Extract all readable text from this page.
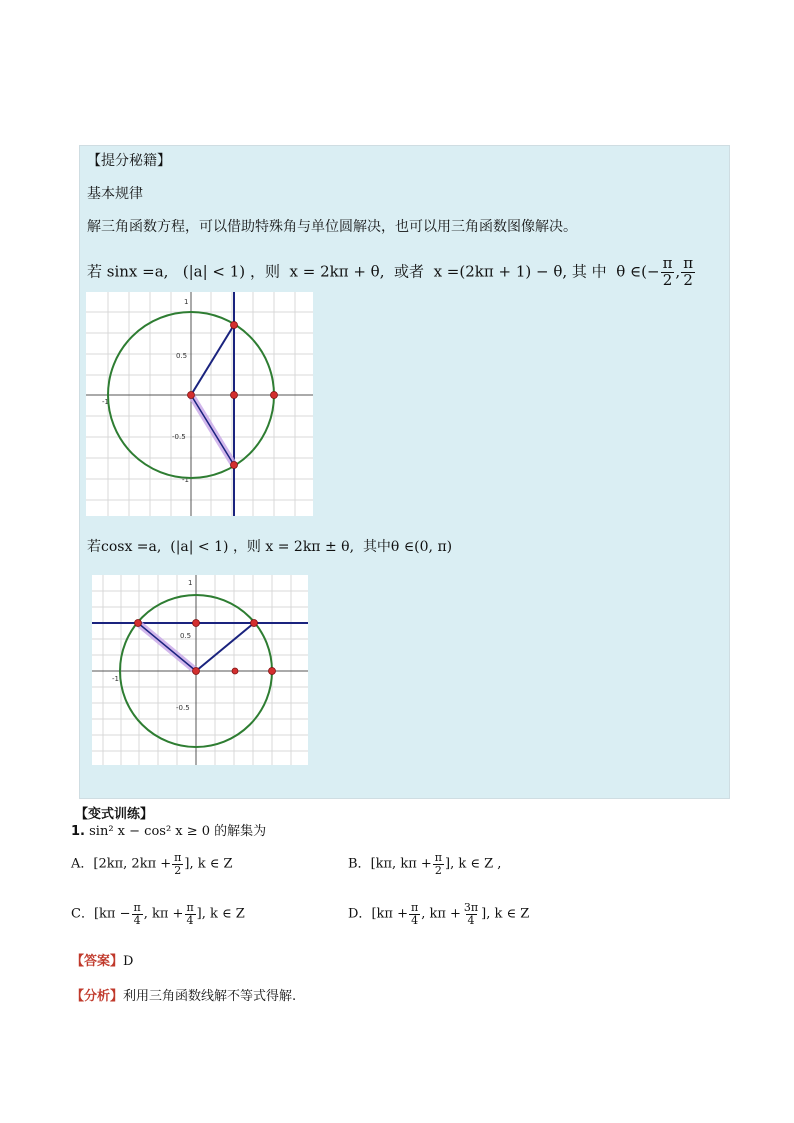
【提分秘籍】
基本规律
解三角函数方程，可以借助特殊角与单位圆解决，也可以用三角函数图像解决。
若 sinx =a, (|a| < 1) ，则 x = 2kπ + θ, 或者 x =(2kπ + 1) − θ, 其 中 θ ∈(− $\frac{\pi}{2}$ , $\frac{\pi}{2}$
0.5
-0.5
1
-1
-1
若cosx =a, (|a| < 1) ，则 x = 2kπ ± θ, 其中θ ∈(0, π)
0.5
-0.5
1
-1
【变式训练】
1. sin² x − cos² x ≥ 0 的解集为
A．[2kπ, $2k\pi + \frac{\pi}{2}$ ], k ∈ Z	B．[kπ, $k\pi + \frac{\pi}{2}$ ], k ∈ Z ,
C．[$k\pi - \frac{\pi}{4}$ , $k\pi + \frac{\pi}{4}$ ], k ∈ Z	D．[$k\pi + \frac{\pi}{4}$ , $k\pi + \frac{3\pi}{4}$ ], k ∈ Z
【答案】D
【分析】利用三角函数线解不等式得解.
